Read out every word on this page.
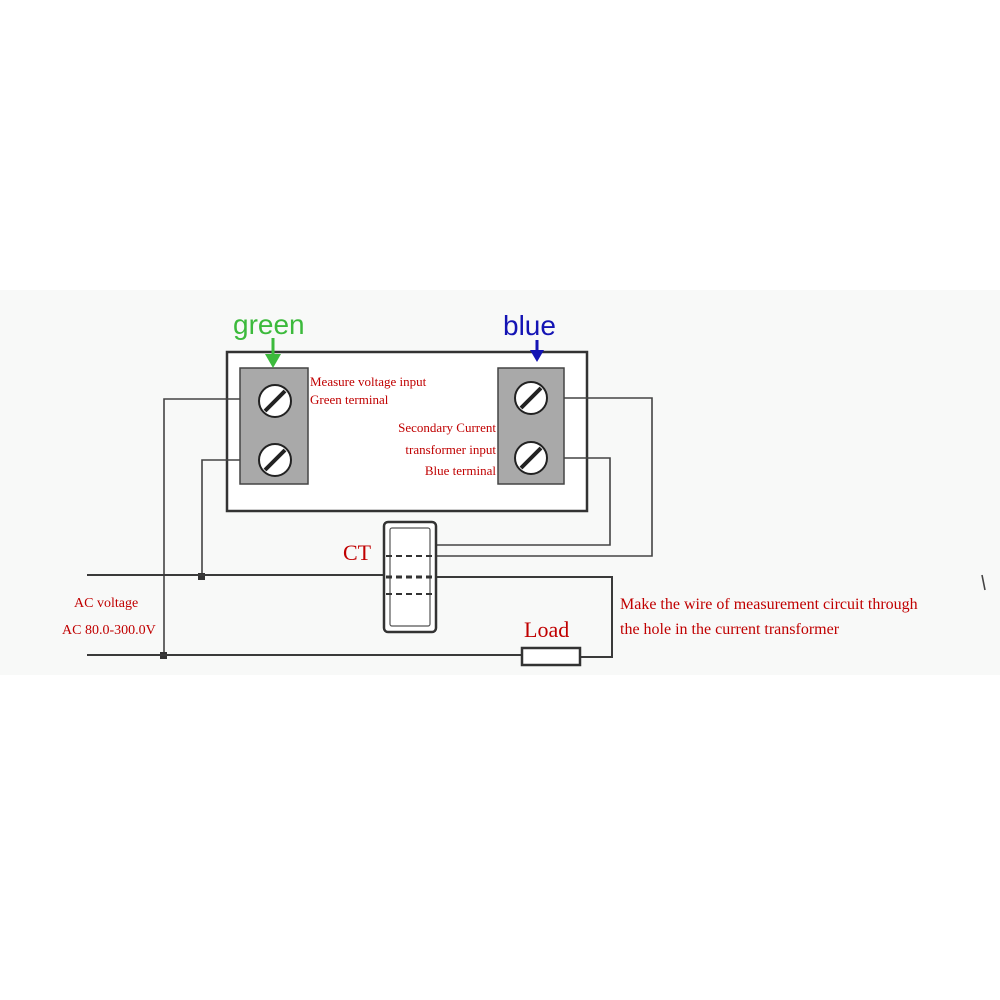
green	blue
Measure voltage input
Green terminal
Secondary Current
transformer input
Blue terminal
CT
Load
AC voltage
AC 80.0-300.0V
Make the wire of measurement circuit through
the hole in the current transformer
